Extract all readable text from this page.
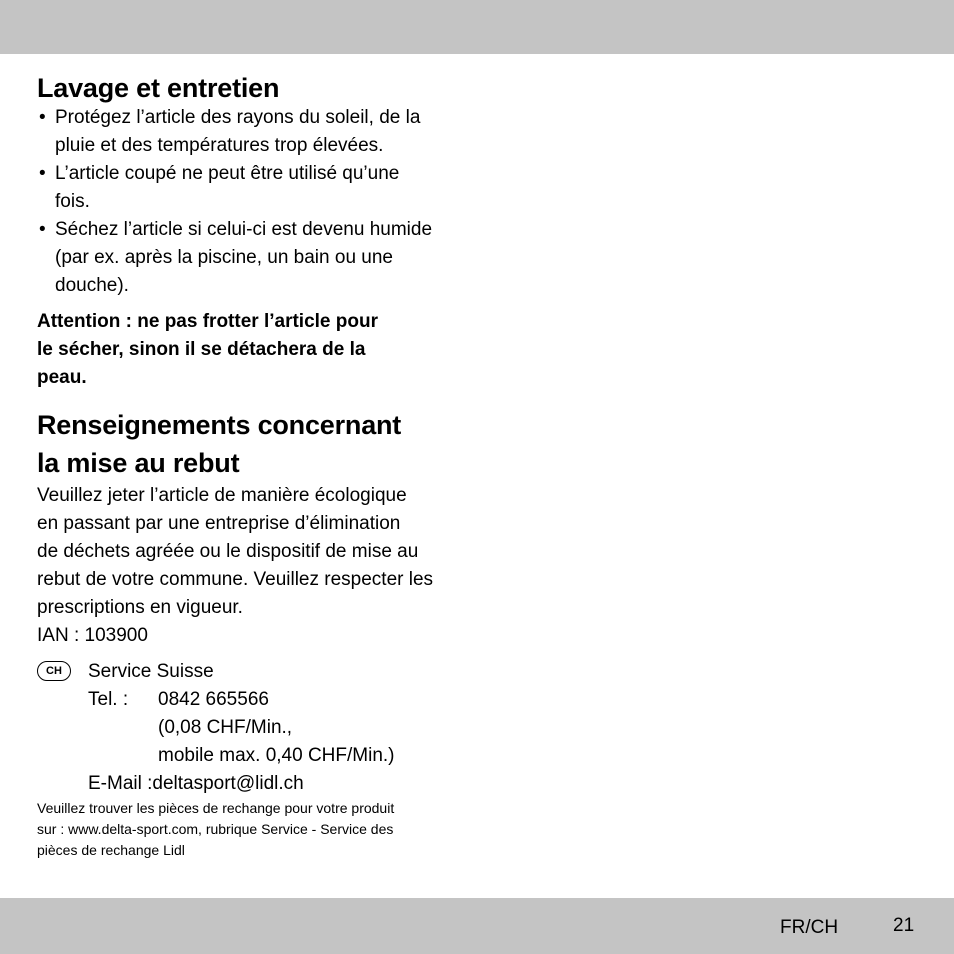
Lavage et entretien
• Protégez l’article des rayons du soleil, de la
pluie et des températures trop élevées.
• L’article coupé ne peut être utilisé qu’une
fois.
• Séchez l’article si celui-ci est devenu humide
(par ex. après la piscine, un bain ou une
douche).

Attention : ne pas frotter l’article pour
le sécher, sinon il se détachera de la
peau.

Renseignements concernant
la mise au rebut

Veuillez jeter l’article de manière écologique
en passant par une entreprise d’élimination
de déchets agréée ou le dispositif de mise au
rebut de votre commune. Veuillez respecter les
prescriptions en vigueur.

IAN : 103900

CH	Service Suisse
Tel. : 0842 665566
(0,08 CHF/Min.,
mobile max. 0,40 CHF/Min.)
E-Mail :deltasport@lidl.ch

Veuillez trouver les pièces de rechange pour votre produit
sur : www.delta-sport.com, rubrique Service - Service des
pièces de rechange Lidl

FR/CH	21
